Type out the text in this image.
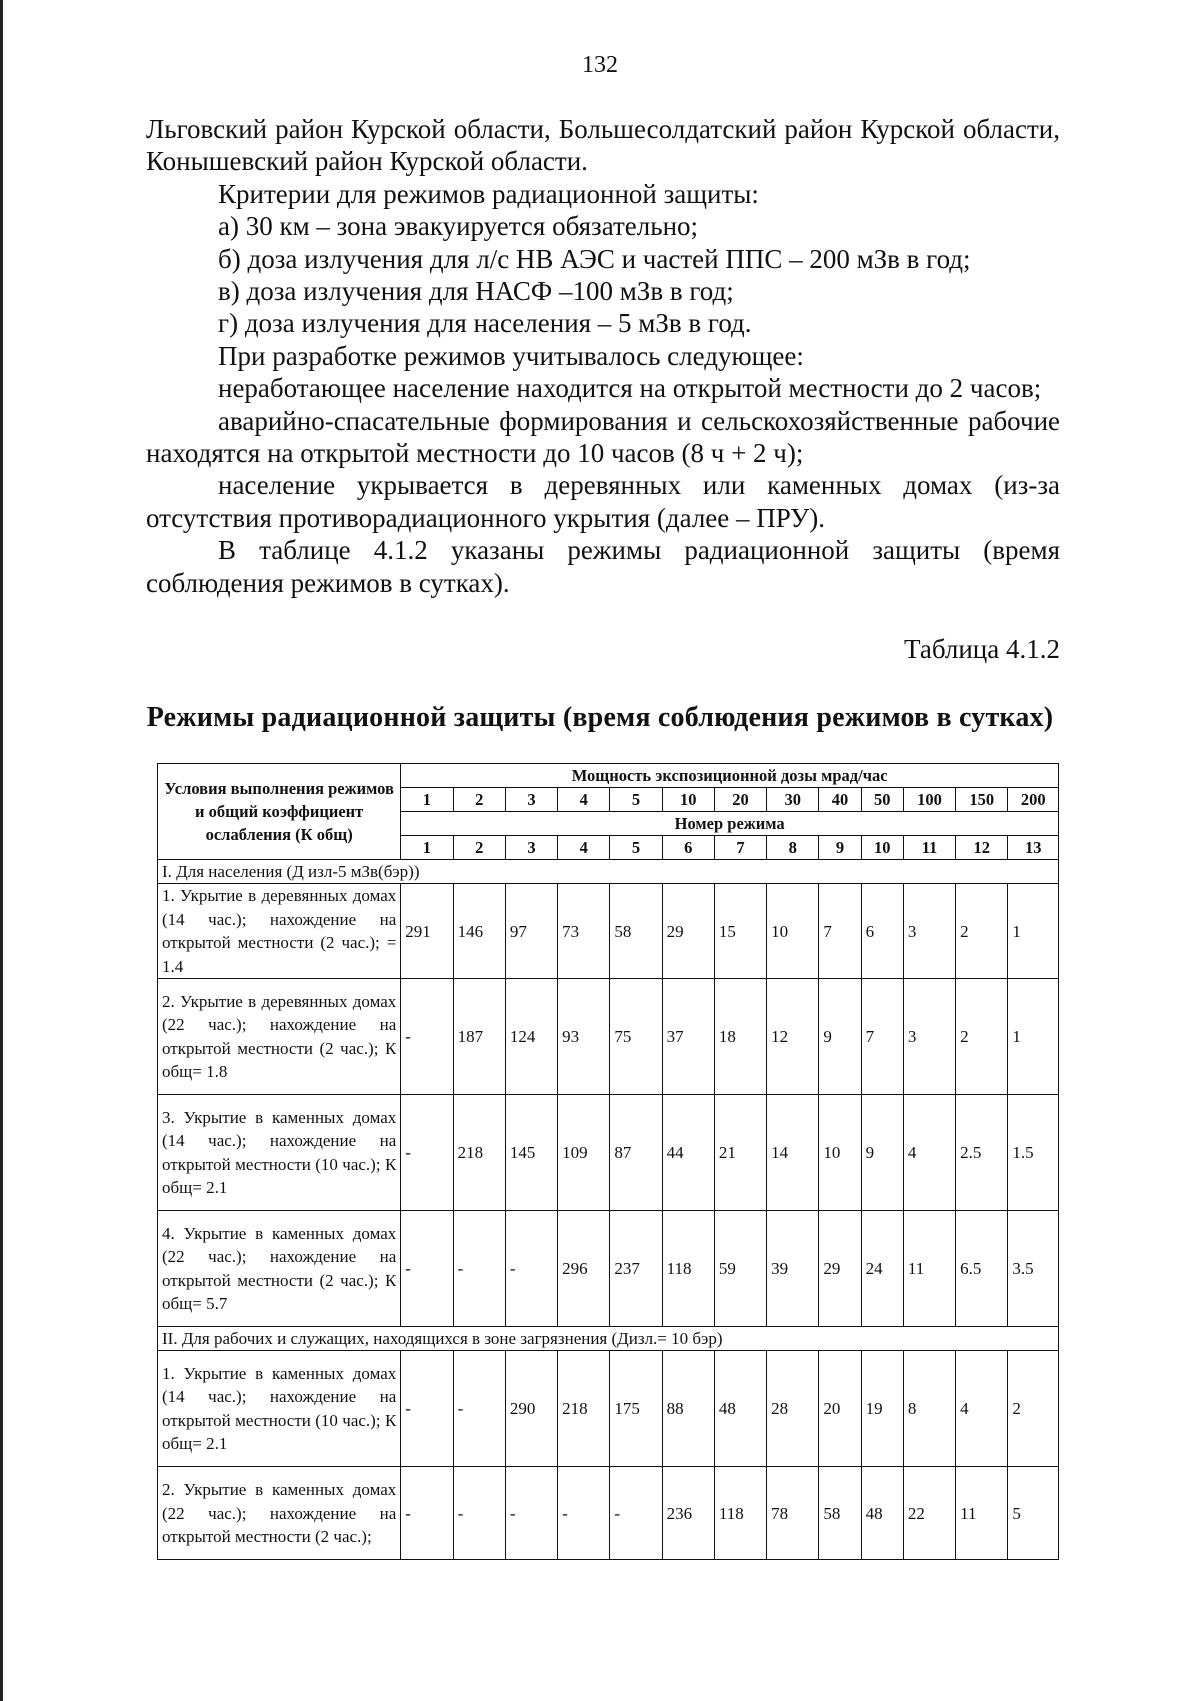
132

Льговский район Курской области, Большесолдатский район Курской области, Конышевский район Курской области.

Критерии для режимов радиационной защиты:

а) 30 км – зона эвакуируется обязательно;

б) доза излучения для л/с НВ АЭС и частей ППС – 200 мЗв в год;

в) доза излучения для НАСФ –100 мЗв в год;

г) доза излучения для населения – 5 мЗв в год.

При разработке режимов учитывалось следующее:

неработающее население находится на открытой местности до 2 часов;

аварийно-спасательные формирования и сельскохозяйственные рабочие находятся на открытой местности до 10 часов (8 ч + 2 ч);

население укрывается в деревянных или каменных домах (из-за отсутствия противорадиационного укрытия (далее – ПРУ).

В таблице 4.1.2 указаны режимы радиационной защиты (время соблюдения режимов в сутках).

Таблица 4.1.2
Режимы радиационной защиты (время соблюдения режимов в сутках)
Условия выполнения режимов и общий коэффициент ослабления (К общ)	Мощность экспозиционной дозы мрад/час												
	1	2	3	4	5	10	20	30	40	50	100	150	200
	Номер режима												
	1	2	3	4	5	6	7	8	9	10	11	12	13
I. Для населения (Д изл-5 мЗв(бэр))													
1. Укрытие в деревянных домах (14 час.); нахождение на открытой местности (2 час.); = 1.4	291	146	97	73	58	29	15	10	7	6	3	2	1
2. Укрытие в деревянных домах (22 час.); нахождение на открытой местности (2 час.); К общ= 1.8	-	187	124	93	75	37	18	12	9	7	3	2	1
3. Укрытие в каменных домах (14 час.); нахождение на открытой местности (10 час.); К общ= 2.1	-	218	145	109	87	44	21	14	10	9	4	2.5	1.5
4. Укрытие в каменных домах (22 час.); нахождение на открытой местности (2 час.); К общ= 5.7	-	-	-	296	237	118	59	39	29	24	11	6.5	3.5
II. Для рабочих и служащих, находящихся в зоне загрязнения (Дизл.= 10 бэр)													
1. Укрытие в каменных домах (14 час.); нахождение на открытой местности (10 час.); К общ= 2.1	-	-	290	218	175	88	48	28	20	19	8	4	2
2. Укрытие в каменных домах (22 час.); нахождение на открытой местности (2 час.);	-	-	-	-	-	236	118	78	58	48	22	11	5
